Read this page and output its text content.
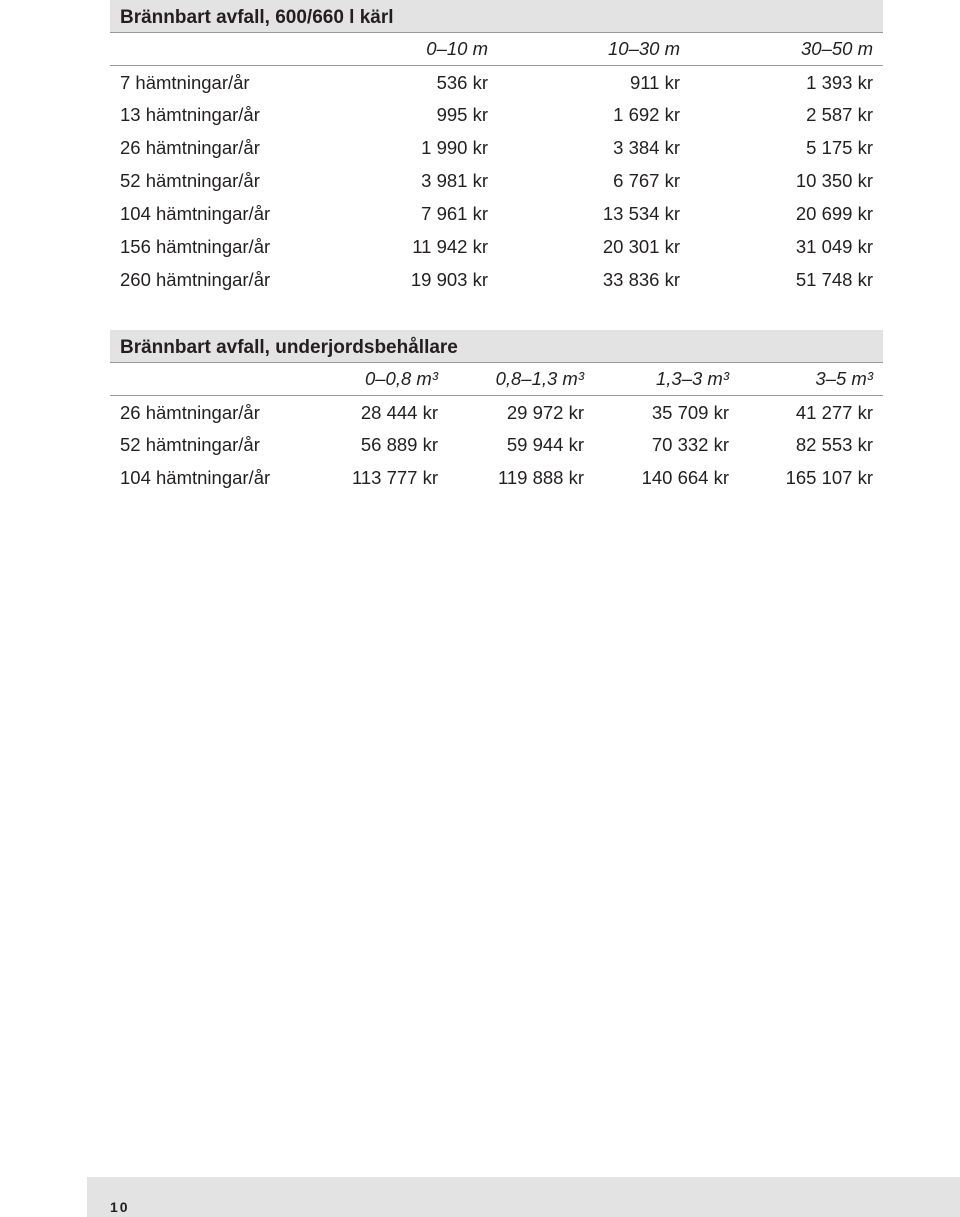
Brännbart avfall, 600/660 l kärl
	0–10 m	10–30 m	30–50 m
7 hämtningar/år	536 kr	911 kr	1 393 kr
13 hämtningar/år	995 kr	1 692 kr	2 587 kr
26 hämtningar/år	1 990 kr	3 384 kr	5 175 kr
52 hämtningar/år	3 981 kr	6 767 kr	10 350 kr
104 hämtningar/år	7 961 kr	13 534 kr	20 699 kr
156 hämtningar/år	11 942 kr	20 301 kr	31 049 kr
260 hämtningar/år	19 903 kr	33 836 kr	51 748 kr
Brännbart avfall, underjordsbehållare
	0–0,8 m³	0,8–1,3 m³	1,3–3 m³	3–5 m³
26 hämtningar/år	28 444 kr	29 972 kr	35 709 kr	41 277 kr
52 hämtningar/år	56 889 kr	59 944 kr	70 332 kr	82 553 kr
104 hämtningar/år	113 777 kr	119 888 kr	140 664 kr	165 107 kr
10
